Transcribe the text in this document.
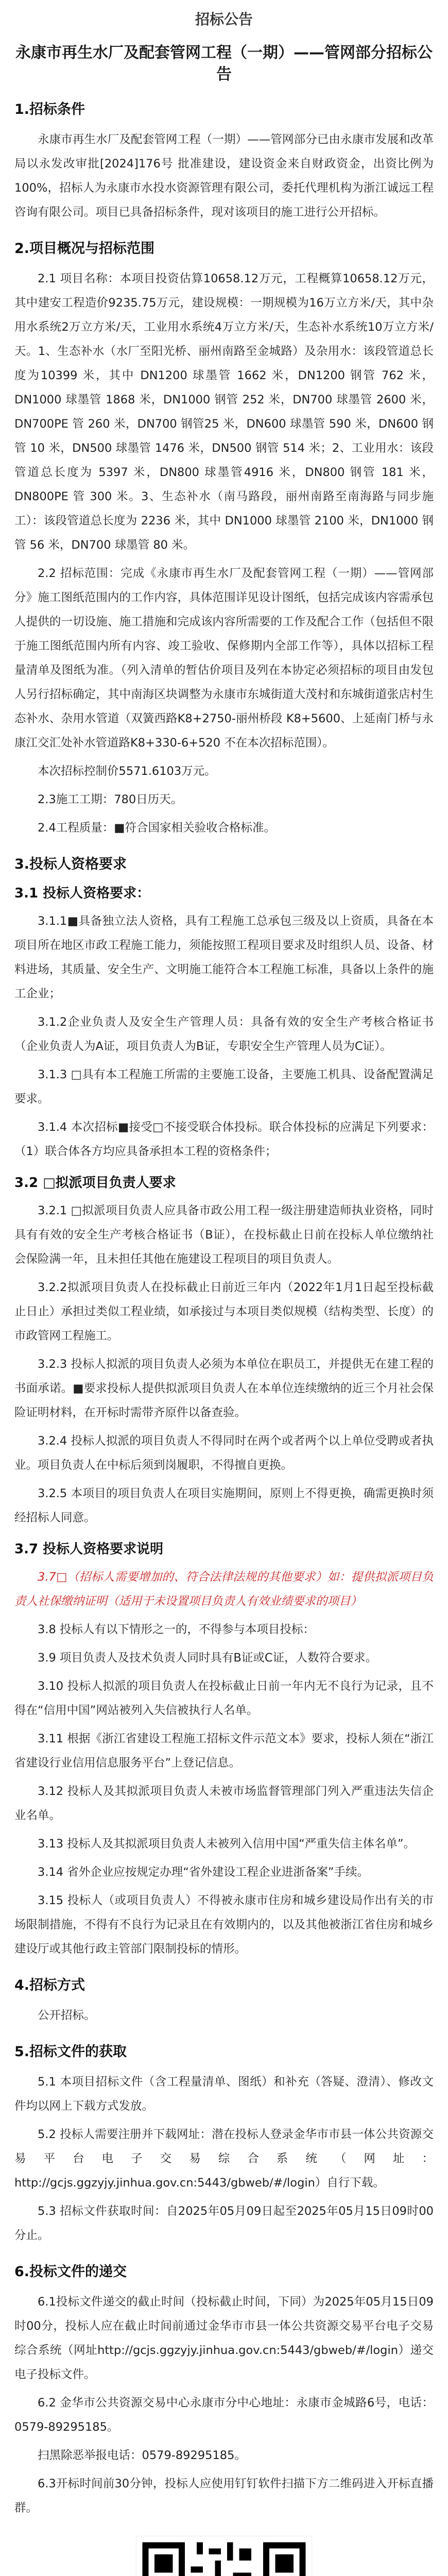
招标公告
永康市再生水厂及配套管网工程（一期）——管网部分招标公告
1.招标条件

永康市再生水厂及配套管网工程（一期）——管网部分已由永康市发展和改革局以永发改审批[2024]176号 批准建设，建设资金来自财政资金，出资比例为100%，招标人为永康市水投水资源管理有限公司，委托代理机构为浙江诚远工程咨询有限公司。项目已具备招标条件，现对该项目的施工进行公开招标。

2.项目概况与招标范围

2.1 项目名称：本项目投资估算10658.12万元，工程概算10658.12万元，其中建安工程造价9235.75万元，建设规模：一期规模为16万立方米/天，其中杂用水系统2万立方米/天，工业用水系统4万立方米/天，生态补水系统10万立方米/天。1、生态补水（水厂至阳光桥、丽州南路至金城路）及杂用水：该段管道总长度为10399 米，其中 DN1200 球墨管 1662 米，DN1200 钢管 762 米，DN1000 球墨管 1868 米，DN1000 钢管 252 米，DN700 球墨管 2600 米，DN700PE 管 260 米，DN700 钢管25 米，DN600 球墨管 590 米，DN600 钢管 10 米，DN500 球墨管 1476 米，DN500 钢管 514 米；2、工业用水：该段管道总长度为 5397 米，DN800 球墨管4916 米，DN800 钢管 181 米，DN800PE 管 300 米。3、生态补水（南马路段，丽州南路至南海路与同步施工）：该段管道总长度为 2236 米，其中 DN1000 球墨管 2100 米，DN1000 钢管 56 米，DN700 球墨管 80 米。

2.2 招标范围：完成《永康市再生水厂及配套管网工程（一期）——管网部分》施工图纸范围内的工作内容，具体范围详见设计图纸，包括完成该内容需承包人提供的一切设施、施工措施和完成该内容所需要的工作及配合工作（包括但不限于施工图纸范围内所有内容、竣工验收、保修期内全部工作等），具体以招标工程量清单及图纸为准。（列入清单的暂估价项目及列在本协定必须招标的项目由发包人另行招标确定，其中南海区块调整为永康市东城街道大茂村和东城街道张店村生态补水、杂用水管道（双簧西路K8+2750-丽州桥段 K8+5600、上延南门桥与永康江交汇处补水管道路K8+330-6+520 不在本次招标范围）。

本次招标控制价5571.6103万元。

2.3施工工期：780日历天。

2.4工程质量：■符合国家相关验收合格标准。

3.投标人资格要求
3.1 投标人资格要求：

3.1.1■具备独立法人资格，具有工程施工总承包三级及以上资质，具备在本项目所在地区市政工程施工能力，须能按照工程项目要求及时组织人员、设备、材料进场，其质量、安全生产、文明施工能符合本工程施工标准，具备以上条件的施工企业；

3.1.2企业负责人及安全生产管理人员：具备有效的安全生产考核合格证书（企业负责人为A证，项目负责人为B证，专职安全生产管理人员为C证）。

3.1.3 □具有本工程施工所需的主要施工设备，主要施工机具、设备配置满足要求。

3.1.4 本次招标■接受□不接受联合体投标。联合体投标的应满足下列要求：（1）联合体各方均应具备承担本工程的资格条件；

3.2 □拟派项目负责人要求

3.2.1 □拟派项目负责人应具备市政公用工程一级注册建造师执业资格，同时具有有效的安全生产考核合格证书（B证），在投标截止日前在投标人单位缴纳社会保险满一年，且未担任其他在施建设工程项目的项目负责人。

3.2.2拟派项目负责人在投标截止日前近三年内（2022年1月1日起至投标截止日止）承担过类似工程业绩，如承接过与本项目类似规模（结构类型、长度）的市政管网工程施工。

3.2.3 投标人拟派的项目负责人必须为本单位在职员工，并提供无在建工程的书面承诺。■要求投标人提供拟派项目负责人在本单位连续缴纳的近三个月社会保险证明材料，在开标时需带齐原件以备查验。

3.2.4 投标人拟派的项目负责人不得同时在两个或者两个以上单位受聘或者执业。项目负责人在中标后须到岗履职，不得擅自更换。

3.2.5 本项目的项目负责人在项目实施期间，原则上不得更换，确需更换时须经招标人同意。

3.7 投标人资格要求说明

3.7□（招标人需要增加的、符合法律法规的其他要求）如：提供拟派项目负责人社保缴纳证明（适用于未设置项目负责人有效业绩要求的项目）

3.8 投标人有以下情形之一的，不得参与本项目投标：

3.9 项目负责人及技术负责人同时具有B证或C证，人数符合要求。

3.10 投标人拟派的项目负责人在投标截止日前一年内无不良行为记录，且不得在“信用中国”网站被列入失信被执行人名单。

3.11 根据《浙江省建设工程施工招标文件示范文本》要求，投标人须在“浙江省建设行业信用信息服务平台”上登记信息。

3.12 投标人及其拟派项目负责人未被市场监督管理部门列入严重违法失信企业名单。

3.13 投标人及其拟派项目负责人未被列入信用中国“严重失信主体名单”。

3.14 省外企业应按规定办理“省外建设工程企业进浙备案”手续。

3.15 投标人（或项目负责人）不得被永康市住房和城乡建设局作出有关的市场限制措施，不得有不良行为记录且在有效期内的，以及其他被浙江省住房和城乡建设厅或其他行政主管部门限制投标的情形。

4.招标方式

公开招标。

5.招标文件的获取

5.1 本项目招标文件（含工程量清单、图纸）和补充（答疑、澄清）、修改文件均以网上下载方式发放。

5.2 投标人需要注册并下载网址：潜在投标人登录金华市市县一体公共资源交易平台电子交易综合系统（网址：http://gcjs.ggzyjy.jinhua.gov.cn:5443/gbweb/#/login）自行下载。

5.3 招标文件获取时间：自2025年05月09日起至2025年05月15日09时00分止。

6.投标文件的递交

6.1投标文件递交的截止时间（投标截止时间，下同）为2025年05月15日09时00分，投标人应在截止时间前通过金华市市县一体公共资源交易平台电子交易综合系统（网址http://gcjs.ggzyjy.jinhua.gov.cn:5443/gbweb/#/login）递交电子投标文件。

6.2 金华市公共资源交易中心永康市分中心地址：永康市金城路6号，电话：0579-89295185。

扫黑除恶举报电话：0579-89295185。

6.3开标时间前30分钟，投标人应使用钉钉软件扫描下方二维码进入开标直播群。
